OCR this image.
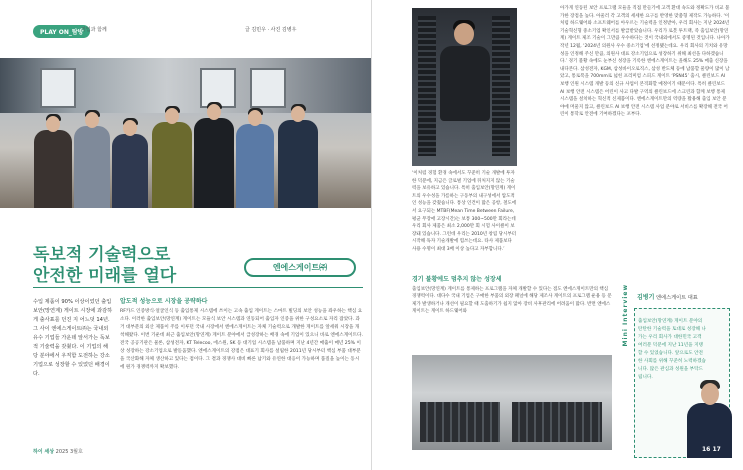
PLAY ON_탐방
기업과 함께	글 김민우 · 사진 김병우
독보적 기술력으로
안전한 미래를 열다	엔에스게이트㈜
수입 제품이 90% 이상이었던 출입보안(망연계) 게이트 시장에 과감하게 출사표를 던진 지 어느덧 14년. 그 사이 엔에스게이트㈜는 국내외 유수 기업들 가운데 앞서가는 독보적 기술력을 갖췄다. 이 기업의 해당 분야에서 우직함 도전하는 강소기업으로 성장할 수 있었던 배경이다.
압도적 성능으로 시장을 공략하다
RF카드 인증방식·얼굴인식 등 출입통제 시스템에 쓰이는 고속 출입 게이트는 스마트 빌딩의 보안 성능을 좌우하는 핵심 요소다. 이러한 출입보안(망연계) 게이트는 모듈식 보안 시스템과 연동되어 출입자 인증을 위한 구성요소로 자리 잡았다. 과거 대부분의 외산 제품이 주를 이루던 국내 시장에서 엔에스게이트는 자체 기술력으로 개발한 게이트를 앞세워 시장을 개척해왔다. 이번 기운데 최근 출입보안(망연계) 게이트 분야에서 급성장하는 배경 속에 기업이 있으니 바로 엔에스게이트다. 전국 공공기관은 물론, 삼성전자, KT Telecoo, 에스원, SK 등 대기업 시스템을 납품하며 지난 4년간 매출이 매년 25% 이상 성장하는 강소기업으로 발돋움했다. 엔에스게이트의 강점은 대표기 회사를 설립한 2011년 당시부터 핵심 부품 대부분을 국산화해 자체 생산하고 있다는 점이다. 그 결과 경쟁사 대비 빠른 납기와 유연한 대응이 가능하며 품질을 높이는 동시에 원가 경쟁력까지 확보했다.
하이 세상 2025 3월호
‘이처럼 경험 환경 속에서도 꾸준히 기술 개발에 투자한 덕분에, 지금은 글로벌 기업에 뒤처지지 않는 기술력을 보유하고 있습니다. 특히 출입보안(망연계) 게이트의 우수성을 가름하는 구동부의 내구성에서 압도적인 성능을 갖췄습니다. 통상 인건이 많은 공항, 철도에서 요구되는 MTBF(Mean Time Between Failure, 평균 무장애 고장시간)는 보통 300~500만 회라는데 우리 회사 제품은 최소 2,000만 회 시험 사이클이 보장돼 있습니다. 그런데 우리는 2010년 창립 당시부터 시작해 독자 기술개발에 힘쓰는데요. 타사 제품보다 사용 수명이 최대 3배 이상 높다고 자부합니다.’
아가게 연동된 보안 프로그램 모듈을 직접 만들기에 고객 환대 속도와 정확도가 비교 불가한 장점을 높다. 아울러 각 고객의 세세한 요구를 반영한 맞춤형 제작도 가능하다. ‘이처럼 하드웨어와 소프트웨어를 아우르는 기술력을 인정받아, 우리 회사는 지난 2024년 기술혁신형 중소기업 확인서를 발급받았습니다. 우리가 로봇 투트랙, 즉 출입보안(망연계) 게이트 제조 기술이 그만큼 우수하다는 것이 국내외에서도 증명된 것입니다. 나아가 작년 12월, ‘2024년 의원사 우수 중소기업’에 선정됐는데요. 우리 회사의 기치와 유망성을 인정해 주신 만큼, 의원사 대표 강소기업으로 성장하기 위해 최선을 다하겠습니다.’ 경기 불황 속에도 눈부신 성장을 기록한 엔에스게이트는 올해도 25% 매출 신장을 내다본다. 삼성전자, KGM, 삼성바이오로직스, 삼성 반도체 등에 납품할 물량이 많이 남았고, 통로폭을 700mm로 넓힌 프리미엄 스피드 게이트 ‘PSN45’ 출시, 클린보드 AI 보행 인원 시스템 개발 등의 신규 사업이 본격화할 예정이기 때문이다. 특히 클린보드 AI 보행 안전 시스템은 어린이 사고 다발 구역의 클린보드에 스크린과 함께 보행 통제 시스템을 설치하는 혁신적 신제품이다. 엔에스게이트만의 역량을 활용해 출입 보안 분야에 머물지 않고, 클린보드 AI 보행 안전 시스템 사업 분야로 서비스를 확장해 전국 어린이 통학로 안전에 기여하겠다는 포부다.
경기 불황에도 멈추지 않는 성장세
출입보안(망연계) 게이트를 통제하는 프로그램을 자체 개발할 수 있다는 점도 엔에스게이트만의 핵심 경쟁력이다. 대다수 국내 기업은 구매한 부품의 외장 패널에 해당 제조사 게이트의 프로그램 운용 등 문제가 발생하거나 개선이 필요할 때 도출하기가 쉽지 않아 장비 사후관리에 어려움이 많다. 반면 엔에스게이트는 게이트 하드웨어와	Mini Interview 김병기 엔에스게이트 대표
출입보안(망연계) 게이트 분야의 탄탄한 기술력을 토대로 성장해 나가는 우리 회사가 대한민국 고객 여러분 덕분에 지난 11년을 지탱할 수 있었습니다. 앞으로도 안전한 사회를 위해 꾸준히 노력하겠습니다. 많은 관심과 성원을 부탁드립니다.
16 17
